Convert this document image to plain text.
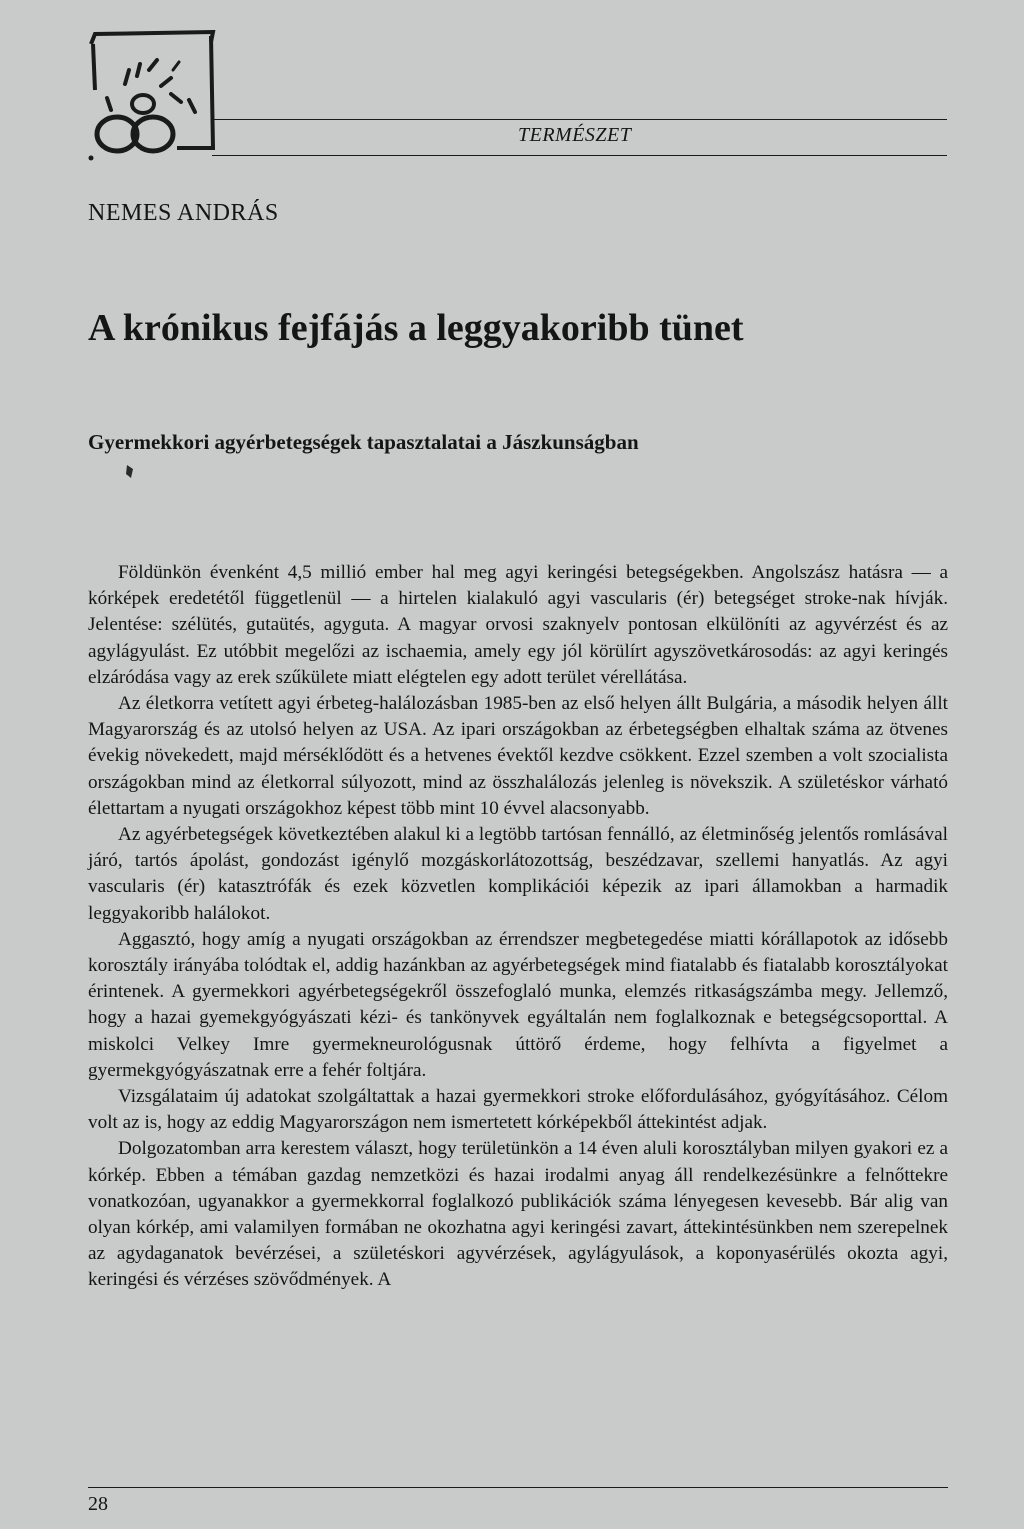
TERMÉSZET
NEMES ANDRÁS
A krónikus fejfájás a leggyakoribb tünet
Gyermekkori agyérbetegségek tapasztalatai a Jászkunságban

Földünkön évenként 4,5 millió ember hal meg agyi keringési betegségekben. Angolszász hatásra — a kórképek eredetétől függetlenül — a hirtelen kialakuló agyi vascularis (ér) betegséget stroke-nak hívják. Jelentése: szélütés, gutaütés, agyguta. A magyar orvosi szaknyelv pontosan elkülöníti az agyvérzést és az agylágyulást. Ez utóbbit megelőzi az ischaemia, amely egy jól körülírt agyszövetkárosodás: az agyi keringés elzáródása vagy az erek szűkülete miatt elégtelen egy adott terület vérellátása.

Az életkorra vetített agyi érbeteg-halálozásban 1985-ben az első helyen állt Bulgária, a második helyen állt Magyarország és az utolsó helyen az USA. Az ipari országokban az érbetegségben elhaltak száma az ötvenes évekig növekedett, majd mérséklődött és a hetvenes évektől kezdve csökkent. Ezzel szemben a volt szocialista országokban mind az életkorral súlyozott, mind az összhalálozás jelenleg is növekszik. A születéskor várható élettartam a nyugati országokhoz képest több mint 10 évvel alacsonyabb.

Az agyérbetegségek következtében alakul ki a legtöbb tartósan fennálló, az életminőség jelentős romlásával járó, tartós ápolást, gondozást igénylő mozgáskorlátozottság, beszédzavar, szellemi hanyatlás. Az agyi vascularis (ér) katasztrófák és ezek közvetlen komplikációi képezik az ipari államokban a harmadik leggyakoribb halálokot.

Aggasztó, hogy amíg a nyugati országokban az érrendszer megbetegedése miatti kórállapotok az idősebb korosztály irányába tolódtak el, addig hazánkban az agyérbetegségek mind fiatalabb és fiatalabb korosztályokat érintenek. A gyermekkori agyérbetegségekről összefoglaló munka, elemzés ritkaságszámba megy. Jellemző, hogy a hazai gyemekgyógyászati kézi- és tankönyvek egyáltalán nem foglalkoznak e betegségcsoporttal. A miskolci Velkey Imre gyermekneurológusnak úttörő érdeme, hogy felhívta a figyelmet a gyermekgyógyászatnak erre a fehér foltjára.

Vizsgálataim új adatokat szolgáltattak a hazai gyermekkori stroke előfordulásához, gyógyításához. Célom volt az is, hogy az eddig Magyarországon nem ismertetett kórképekből áttekintést adjak.

Dolgozatomban arra kerestem választ, hogy területünkön a 14 éven aluli korosztályban milyen gyakori ez a kórkép. Ebben a témában gazdag nemzetközi és hazai irodalmi anyag áll rendelkezésünkre a felnőttekre vonatkozóan, ugyanakkor a gyermekkorral foglalkozó publikációk száma lényegesen kevesebb. Bár alig van olyan kórkép, ami valamilyen formában ne okozhatna agyi keringési zavart, áttekintésünkben nem szerepelnek az agydaganatok bevérzései, a születéskori agyvérzések, agylágyulások, a koponyasérülés okozta agyi, keringési és vérzéses szövődmények. A

28
